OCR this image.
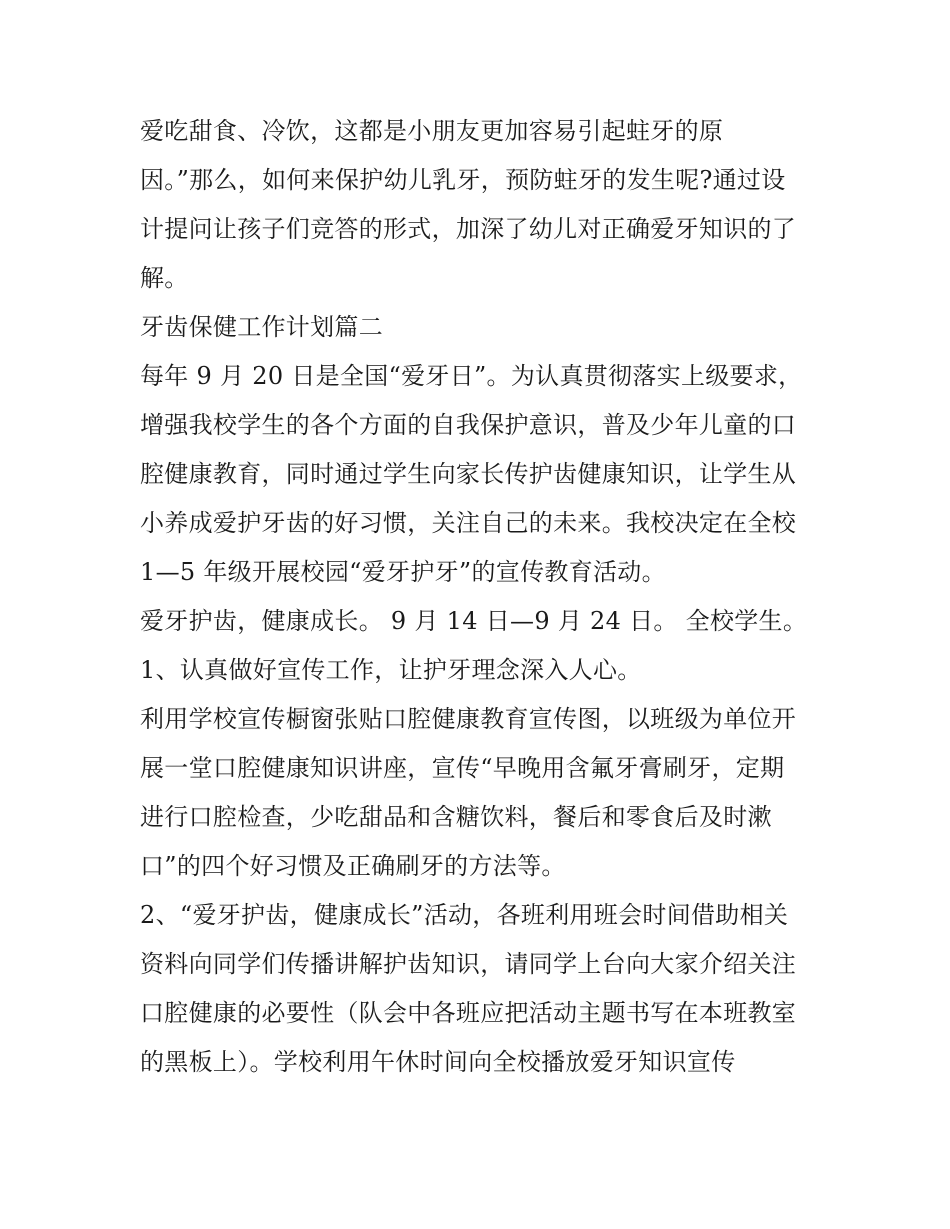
爱吃甜食、冷饮，这都是小朋友更加容易引起蛀牙的原
因。”那么，如何来保护幼儿乳牙，预防蛀牙的发生呢?通过设
计提问让孩子们竞答的形式，加深了幼儿对正确爱牙知识的了
解。
牙齿保健工作计划篇二
每年 9 月 20 日是全国“爱牙日”。为认真贯彻落实上级要求，
增强我校学生的各个方面的自我保护意识，普及少年儿童的口
腔健康教育，同时通过学生向家长传护齿健康知识，让学生从
小养成爱护牙齿的好习惯，关注自己的未来。我校决定在全校
1—5 年级开展校园“爱牙护牙”的宣传教育活动。
爱牙护齿，健康成长。 9 月 14 日—9 月 24 日。 全校学生。
1、认真做好宣传工作，让护牙理念深入人心。
利用学校宣传橱窗张贴口腔健康教育宣传图，以班级为单位开
展一堂口腔健康知识讲座，宣传“早晚用含氟牙膏刷牙，定期
进行口腔检查，少吃甜品和含糖饮料，餐后和零食后及时漱
口”的四个好习惯及正确刷牙的方法等。
2、“爱牙护齿，健康成长”活动，各班利用班会时间借助相关
资料向同学们传播讲解护齿知识，请同学上台向大家介绍关注
口腔健康的必要性（队会中各班应把活动主题书写在本班教室
的黑板上）。学校利用午休时间向全校播放爱牙知识宣传
